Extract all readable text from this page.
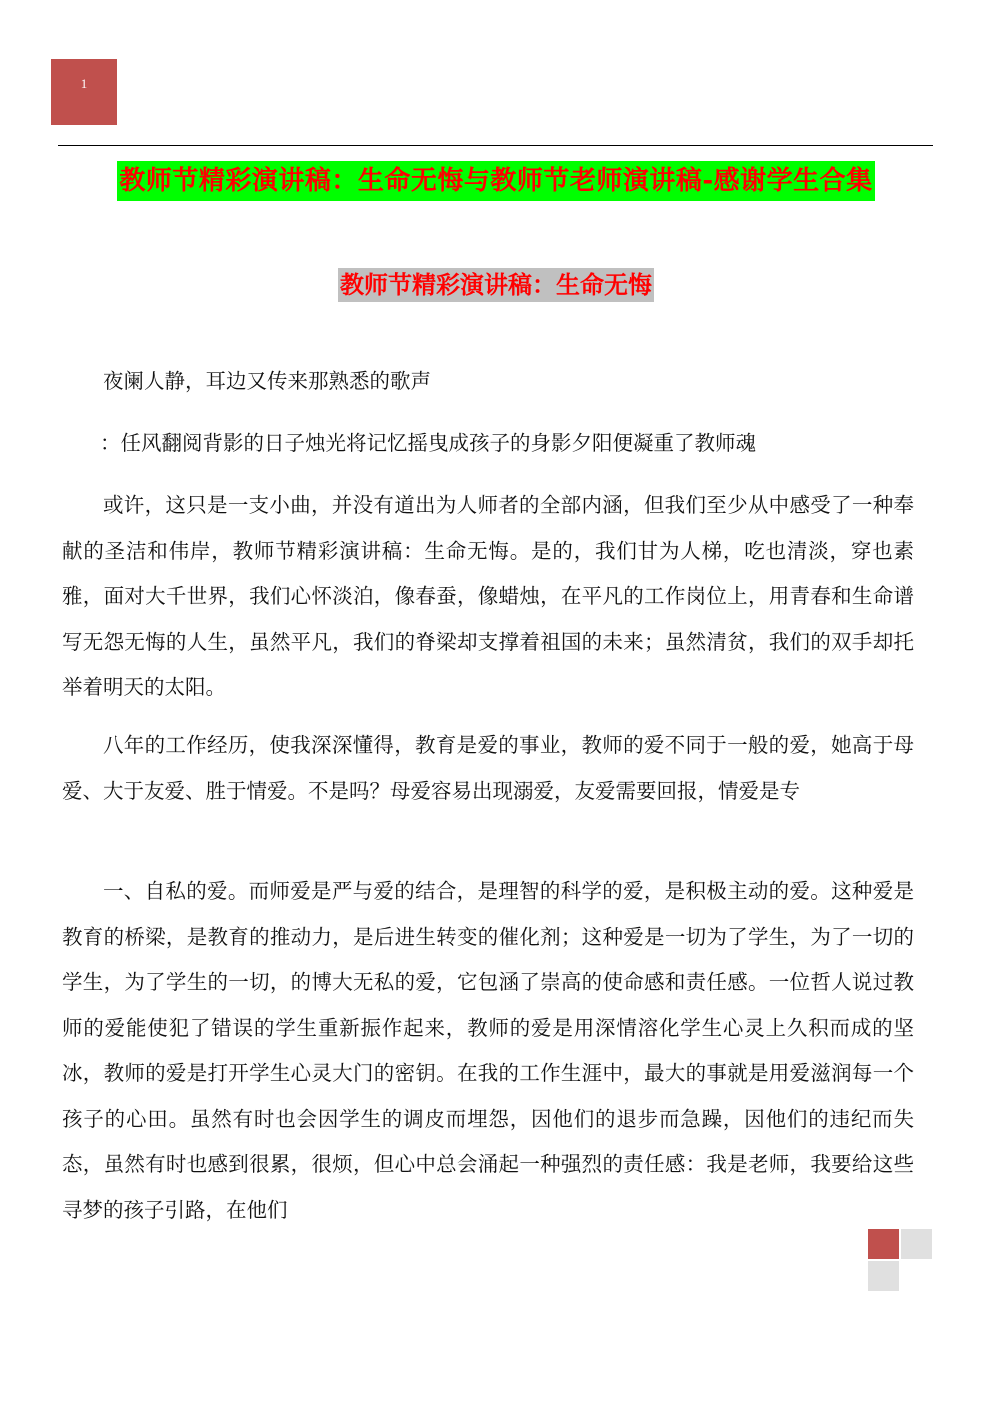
1
教师节精彩演讲稿：生命无悔与教师节老师演讲稿-感谢学生合集
教师节精彩演讲稿：生命无悔

夜阑人静，耳边又传来那熟悉的歌声

：任风翻阅背影的日子烛光将记忆摇曳成孩子的身影夕阳便凝重了教师魂

或许，这只是一支小曲，并没有道出为人师者的全部内涵，但我们至少从中感受了一种奉献的圣洁和伟岸，教师节精彩演讲稿：生命无悔。是的，我们甘为人梯，吃也清淡，穿也素雅，面对大千世界，我们心怀淡泊，像春蚕，像蜡烛，在平凡的工作岗位上，用青春和生命谱写无怨无悔的人生，虽然平凡，我们的脊梁却支撑着祖国的未来；虽然清贫，我们的双手却托举着明天的太阳。

八年的工作经历，使我深深懂得，教育是爱的事业，教师的爱不同于一般的爱，她高于母爱、大于友爱、胜于情爱。不是吗？母爱容易出现溺爱，友爱需要回报，情爱是专

一、自私的爱。而师爱是严与爱的结合，是理智的科学的爱，是积极主动的爱。这种爱是教育的桥梁，是教育的推动力，是后进生转变的催化剂；这种爱是一切为了学生，为了一切的学生，为了学生的一切，的博大无私的爱，它包涵了崇高的使命感和责任感。一位哲人说过教师的爱能使犯了错误的学生重新振作起来，教师的爱是用深情溶化学生心灵上久积而成的坚冰，教师的爱是打开学生心灵大门的密钥。在我的工作生涯中，最大的事就是用爱滋润每一个孩子的心田。虽然有时也会因学生的调皮而埋怨，因他们的退步而急躁，因他们的违纪而失态，虽然有时也感到很累，很烦，但心中总会涌起一种强烈的责任感：我是老师，我要给这些寻梦的孩子引路，在他们
